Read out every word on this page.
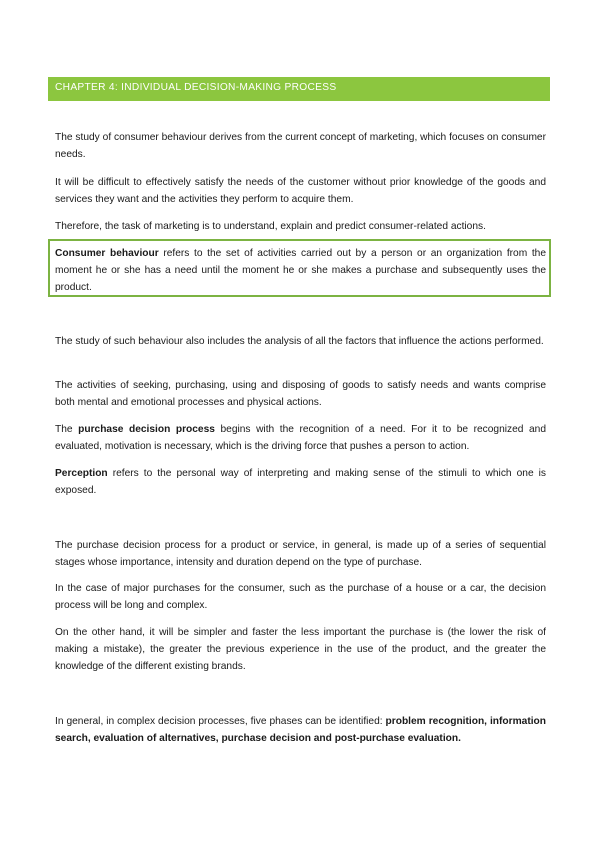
CHAPTER 4: INDIVIDUAL DECISION-MAKING PROCESS

The study of consumer behaviour derives from the current concept of marketing, which focuses on consumer needs.

It will be difficult to effectively satisfy the needs of the customer without prior knowledge of the goods and services they want and the activities they perform to acquire them.

Therefore, the task of marketing is to understand, explain and predict consumer-related actions.

Consumer behaviour refers to the set of activities carried out by a person or an organization from the moment he or she has a need until the moment he or she makes a purchase and subsequently uses the product.

The study of such behaviour also includes the analysis of all the factors that influence the actions performed.

The activities of seeking, purchasing, using and disposing of goods to satisfy needs and wants comprise both mental and emotional processes and physical actions.

The purchase decision process begins with the recognition of a need. For it to be recognized and evaluated, motivation is necessary, which is the driving force that pushes a person to action.

Perception refers to the personal way of interpreting and making sense of the stimuli to which one is exposed.

The purchase decision process for a product or service, in general, is made up of a series of sequential stages whose importance, intensity and duration depend on the type of purchase.

In the case of major purchases for the consumer, such as the purchase of a house or a car, the decision process will be long and complex.

On the other hand, it will be simpler and faster the less important the purchase is (the lower the risk of making a mistake), the greater the previous experience in the use of the product, and the greater the knowledge of the different existing brands.

In general, in complex decision processes, five phases can be identified: problem recognition, information search, evaluation of alternatives, purchase decision and post-purchase evaluation.
